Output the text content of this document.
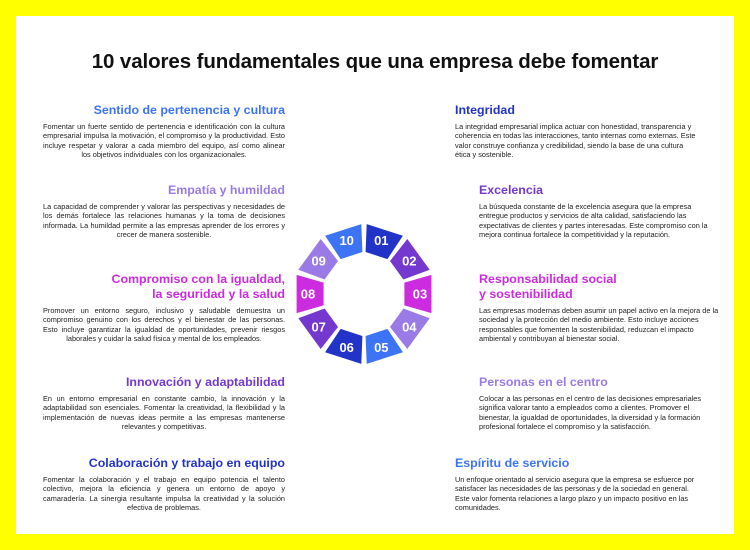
10 valores fundamentales que una empresa debe fomentar
Sentido de pertenencia y cultura
Fomentar un fuerte sentido de pertenencia e identificación con la cultura empresarial impulsa la motivación, el compromiso y la productividad. Esto incluye respetar y valorar a cada miembro del equipo, así como alinear los objetivos individuales con los organizacionales.
Empatía y humildad
La capacidad de comprender y valorar las perspectivas y necesidades de los demás fortalece las relaciones humanas y la toma de decisiones informada. La humildad permite a las empresas aprender de los errores y crecer de manera sostenible.
Compromiso con la igualdad,
la seguridad y la salud
Promover un entorno seguro, inclusivo y saludable demuestra un compromiso genuino con los derechos y el bienestar de las personas. Esto incluye garantizar la igualdad de oportunidades, prevenir riesgos laborales y cuidar la salud física y mental de los empleados.
Innovación y adaptabilidad
En un entorno empresarial en constante cambio, la innovación y la adaptabilidad son esenciales. Fomentar la creatividad, la flexibilidad y la implementación de nuevas ideas permite a las empresas mantenerse relevantes y competitivas.
Colaboración y trabajo en equipo
Fomentar la colaboración y el trabajo en equipo potencia el talento colectivo, mejora la eficiencia y genera un entorno de apoyo y camaradería. La sinergia resultante impulsa la creatividad y la solución efectiva de problemas.
Integridad
La integridad empresarial implica actuar con honestidad, transparencia y coherencia en todas las interacciones, tanto internas como externas. Este valor construye confianza y credibilidad, siendo la base de una cultura ética y sostenible.
Excelencia
La búsqueda constante de la excelencia asegura que la empresa entregue productos y servicios de alta calidad, satisfaciendo las expectativas de clientes y partes interesadas. Este compromiso con la mejora continua fortalece la competitividad y la reputación.
Responsabilidad social
y sostenibilidad
Las empresas modernas deben asumir un papel activo en la mejora de la sociedad y la protección del medio ambiente. Esto incluye acciones responsables que fomenten la sostenibilidad, reduzcan el impacto ambiental y contribuyan al bienestar social.
Personas en el centro
Colocar a las personas en el centro de las decisiones empresariales significa valorar tanto a empleados como a clientes. Promover el bienestar, la igualdad de oportunidades, la diversidad y la formación profesional fortalece el compromiso y la satisfacción.
Espíritu de servicio
Un enfoque orientado al servicio asegura que la empresa se esfuerce por satisfacer las necesidades de las personas y de la sociedad en general. Este valor fomenta relaciones a largo plazo y un impacto positivo en las comunidades.
01
02
03
04
05
06
07
08
09
10
